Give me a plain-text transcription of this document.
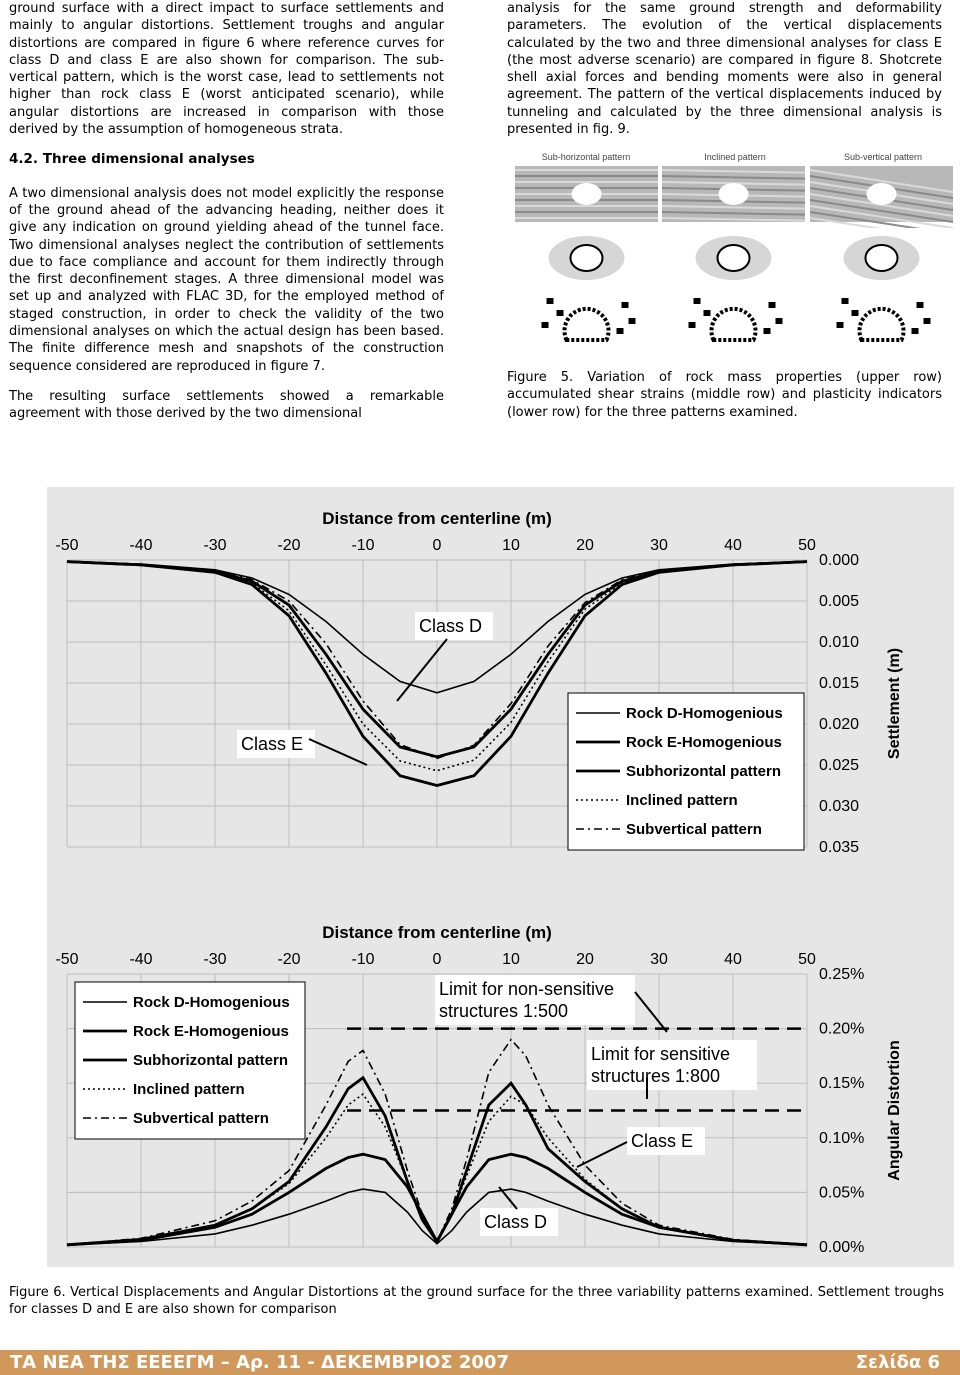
ground surface with a direct impact to surface settlements and mainly to angular distortions. Settlement troughs and angular distortions are compared in figure 6 where reference curves for class D and class E are also shown for comparison. The sub-vertical pattern, which is the worst case, lead to settlements not higher than rock class E (worst anticipated scenario), while angular distortions are increased in comparison with those derived by the assumption of homogeneous strata.

4.2. Three dimensional analyses

A two dimensional analysis does not model explicitly the response of the ground ahead of the advancing heading, neither does it give any indication on ground yielding ahead of the tunnel face. Two dimensional analyses neglect the contribution of settlements due to face compliance and account for them indirectly through the first deconfinement stages. A three dimensional model was set up and analyzed with FLAC 3D, for the employed method of staged construction, in order to check the validity of the two dimensional analyses on which the actual design has been based. The finite difference mesh and snapshots of the construction sequence considered are reproduced in figure 7.

The resulting surface settlements showed a remarkable agreement with those derived by the two dimensional

analysis for the same ground strength and deformability parameters. The evolution of the vertical displacements calculated by the two and three dimensional analyses for class E (the most adverse scenario) are compared in figure 8. Shotcrete shell axial forces and bending moments were also in general agreement. The pattern of the vertical displacements induced by tunneling and calculated by the three dimensional analysis is presented in fig. 9.

Sub-horizontal pattern	Inclined pattern	Sub-vertical pattern
Figure 5. Variation of rock mass properties (upper row) accumulated shear strains (middle row) and plasticity indicators (lower row) for the three patterns examined.
Distance from centerline (m)
-50	-40	-30	-20	-10	0	10	20	30	40	50
0.000
0.005
0.010
0.015
0.020
0.025
0.030
0.035
Settlement (m)
Rock D-Homogenious
Rock E-Homogenious
Subhorizontal pattern
Inclined pattern
Subvertical pattern
Class D
Class E
Distance from centerline (m)
-50	-40	-30	-20	-10	0	10	20	30	40	50
0.25%
0.20%
0.15%
0.10%
0.05%
0.00%
Angular Distortion
Rock D-Homogenious
Rock E-Homogenious
Subhorizontal pattern
Inclined pattern
Subvertical pattern
Limit for non-sensitive
structures 1:500
Limit for sensitive
structures 1:800
Class E
Class D
Figure 6. Vertical Displacements and Angular Distortions at the ground surface for the three variability patterns examined. Settlement troughs for classes D and E are also shown for comparison
ΤΑ ΝΕΑ ΤΗΣ ΕΕΕΕΓΜ – Αρ. 11 - ΔΕΚΕΜΒΡΙΟΣ 2007	Σελίδα 6
